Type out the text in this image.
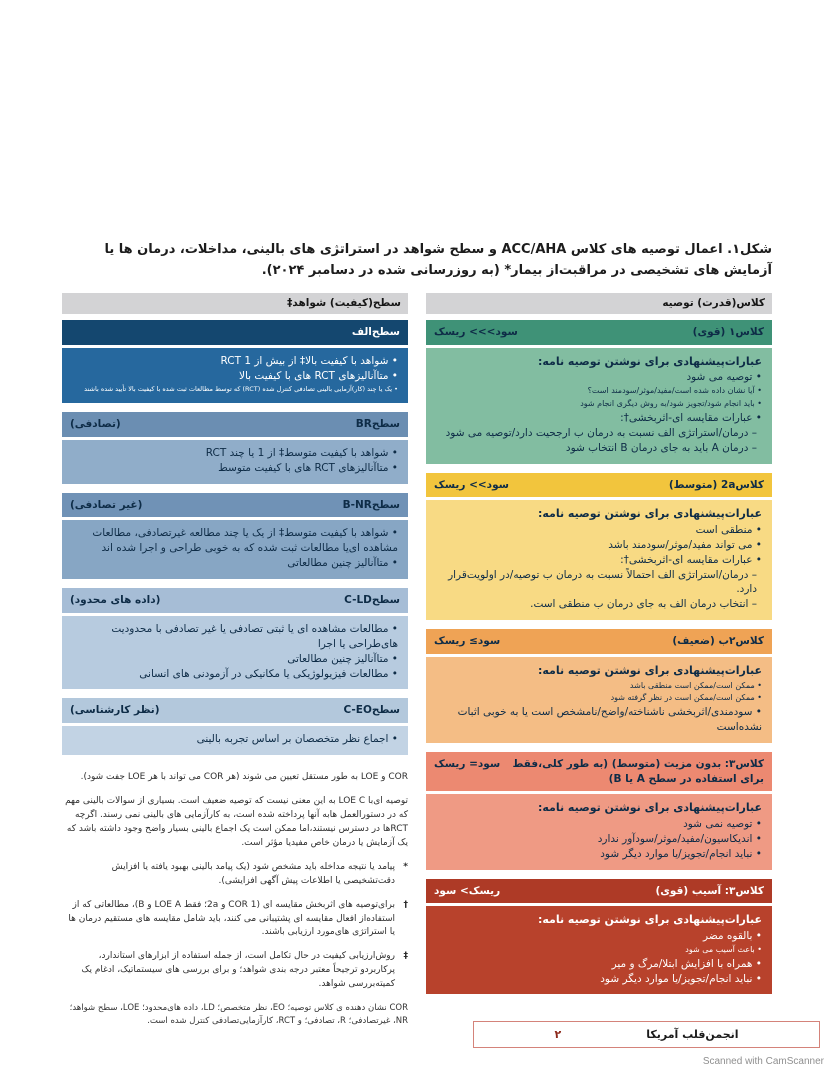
شکل۱. اعمال توصیه های کلاس ACC/AHA و سطح شواهد در استراتژی های بالینی، مداخلات، درمان ها یا آزمایش های تشخیصی در مراقبت‌از بیمار* (به روزرسانی شده در دسامبر ۲۰۲۴).
کلاس(قدرت) توصیه
کلاس۱ (قوی)
سود>>> ریسک
عبارات‌پیشنهادی برای نوشتن توصیه نامه:
• توصیه می شود
• آیا نشان داده شده است/مفید/موثر/سودمند است؟
• باید انجام شود/تجویز شود/به روش دیگری انجام شود
• عبارات مقایسه ای-اثربخشی†:
– درمان/استراتژی الف نسبت به درمان ب ارجحیت دارد/توصیه می شود
– درمان A باید به جای درمان B انتخاب شود
کلاس2a (متوسط)
سود>> ریسک
عبارات‌پیشنهادی برای نوشتن توصیه نامه:
• منطقی است
• می تواند مفید/موثر/سودمند باشد
• عبارات مقایسه ای-اثربخشی†:
– درمان/استراتژی الف احتمالاً نسبت به درمان ب توصیه/در اولویت‌قرار دارد.
– انتخاب درمان الف به جای درمان ب منطقی است.
کلاس۲ب (ضعیف)
سود≥ ریسک
عبارات‌پیشنهادی برای نوشتن توصیه نامه:
• ممکن است/ممکن است منطقی باشد
• ممکن است/ممکن است در نظر گرفته شود
• سودمندی/اثربخشی ناشناخته/واضح/نامشخص است یا به خوبی اثبات نشده‌است
کلاس۳: بدون مزیت (متوسط) (به طور کلی،فقط برای استفاده در سطح A یا B)
سود= ریسک
عبارات‌پیشنهادی برای نوشتن توصیه نامه:
• توصیه نمی شود
• اندیکاسیون/مفید/موثر/سودآور ندارد
• نباید انجام/تجویز/یا موارد دیگر شود
کلاس۳: آسیب (قوی)
ریسک> سود
عبارات‌پیشنهادی برای نوشتن توصیه نامه:
• بالقوه مضر
• باعث آسیب می شود
• همراه با افزایش ابتلا/مرگ و میر
• نباید انجام/تجویز/یا موارد دیگر شود
سطح(کیفیت) شواهد‡
سطح‌الف
• شواهد با کیفیت بالا‡ از بیش از RCT 1
• متاآنالیزهای RCT های با کیفیت بالا
• یک یا چند (کار)آزمایی بالینی تصادفی کنترل شده (RCT) که توسط مطالعات ثبت شده با کیفیت بالا تأیید شده باشند
سطحBR
(تصادفی)
• شواهد با کیفیت متوسط‡ از 1 یا چند RCT
• متاآنالیزهای RCT های با کیفیت متوسط
سطحB-NR
(غیر تصادفی)
• شواهد با کیفیت متوسط‡ از یک یا چند مطالعه غیرتصادفی، مطالعات مشاهده ای‌یا مطالعات ثبت شده که به خوبی طراحی و اجرا شده اند
• متاآنالیز چنین مطالعاتی
سطحC-LD
(داده های محدود)
• مطالعات مشاهده ای یا ثبتی تصادفی یا غیر تصادفی با محدودیت های‌طراحی یا اجرا
• متاآنالیز چنین مطالعاتی
• مطالعات فیزیولوژیکی یا مکانیکی در آزمودنی های انسانی
سطحC-EO
(نظر کارشناسی)
• اجماع نظر متخصصان بر اساس تجربه بالینی
COR و LOE به طور مستقل تعیین می شوند (هر COR می تواند با هر LOE جفت شود).
توصیه ای‌با LOE C به این معنی نیست که توصیه ضعیف است. بسیاری از سوالات بالینی مهم که در دستورالعمل ها‌به آنها پرداخته شده است، به کارآزمایی های بالینی نمی رسند. اگرچه RCTها در دسترس نیستند،اما ممکن است یک اجماع بالینی بسیار واضح وجود داشته باشد که یک آزمایش یا درمان خاص مفید‌یا مؤثر است.
*
پیامد یا نتیجه مداخله باید مشخص شود (یک پیامد بالینی بهبود یافته یا افزایش دقت‌تشخیصی یا اطلاعات پیش آگهی افزایشی).
†
برای‌توصیه های اثربخش مقایسه ای (COR 1 و 2a؛ فقط LOE A و B)، مطالعاتی که از استفاده‌از افعال مقایسه ای پشتیبانی می کنند، باید شامل مقایسه های مستقیم درمان ها یا استراتژی های‌مورد ارزیابی باشند.
‡
روش‌ارزیابی کیفیت در حال تکامل است، از جمله استفاده از ابزارهای استاندارد، پرکاربردو ترجیحاً معتبر درجه بندی شواهد؛ و برای بررسی های سیستماتیک، ادغام یک کمیته‌بررسی شواهد.
COR نشان دهنده ی کلاس توصیه؛ EO، نظر متخصص؛ LD، داده های‌محدود؛ LOE، سطح شواهد؛ NR، غیرتصادفی؛ R، تصادفی؛ و RCT، کارآزمایی‌تصادفی کنترل شده است.
انجمن‌قلب آمریکا
۲
Scanned with CamScanner
